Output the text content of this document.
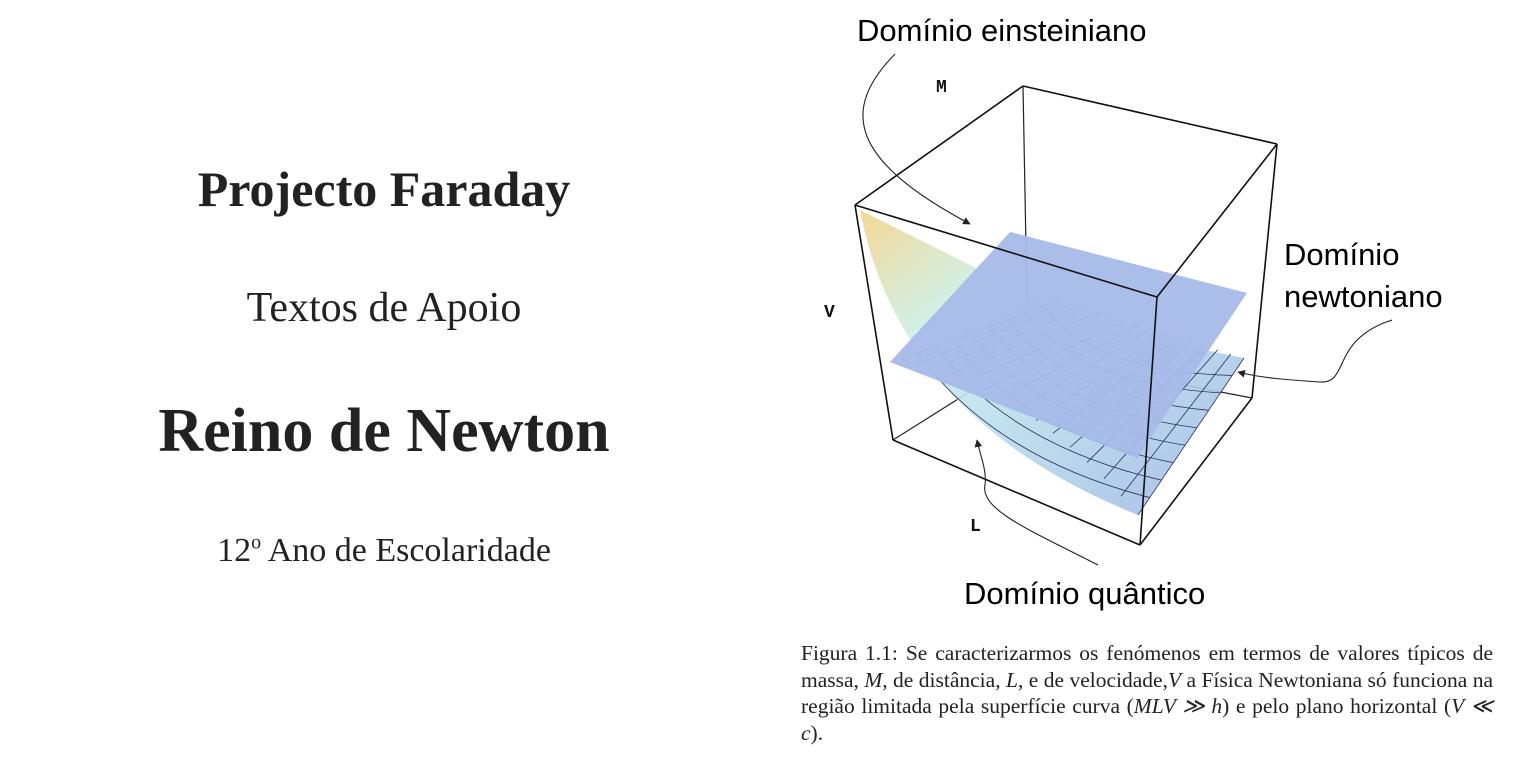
Projecto Faraday
Textos de Apoio
Reino de Newton
12$^o$ Ano de Escolaridade
Domínio einsteiniano
Domínio
newtoniano
Domínio quântico
M
V
L
Figura 1.1: Se caracterizarmos os fenómenos em termos de valores típicos de massa, M, de distância, L, e de velocidade,V a Física Newtoniana só funciona na região limitada pela superfície curva (MLV ≫ h) e pelo plano horizontal (V ≪ c).
